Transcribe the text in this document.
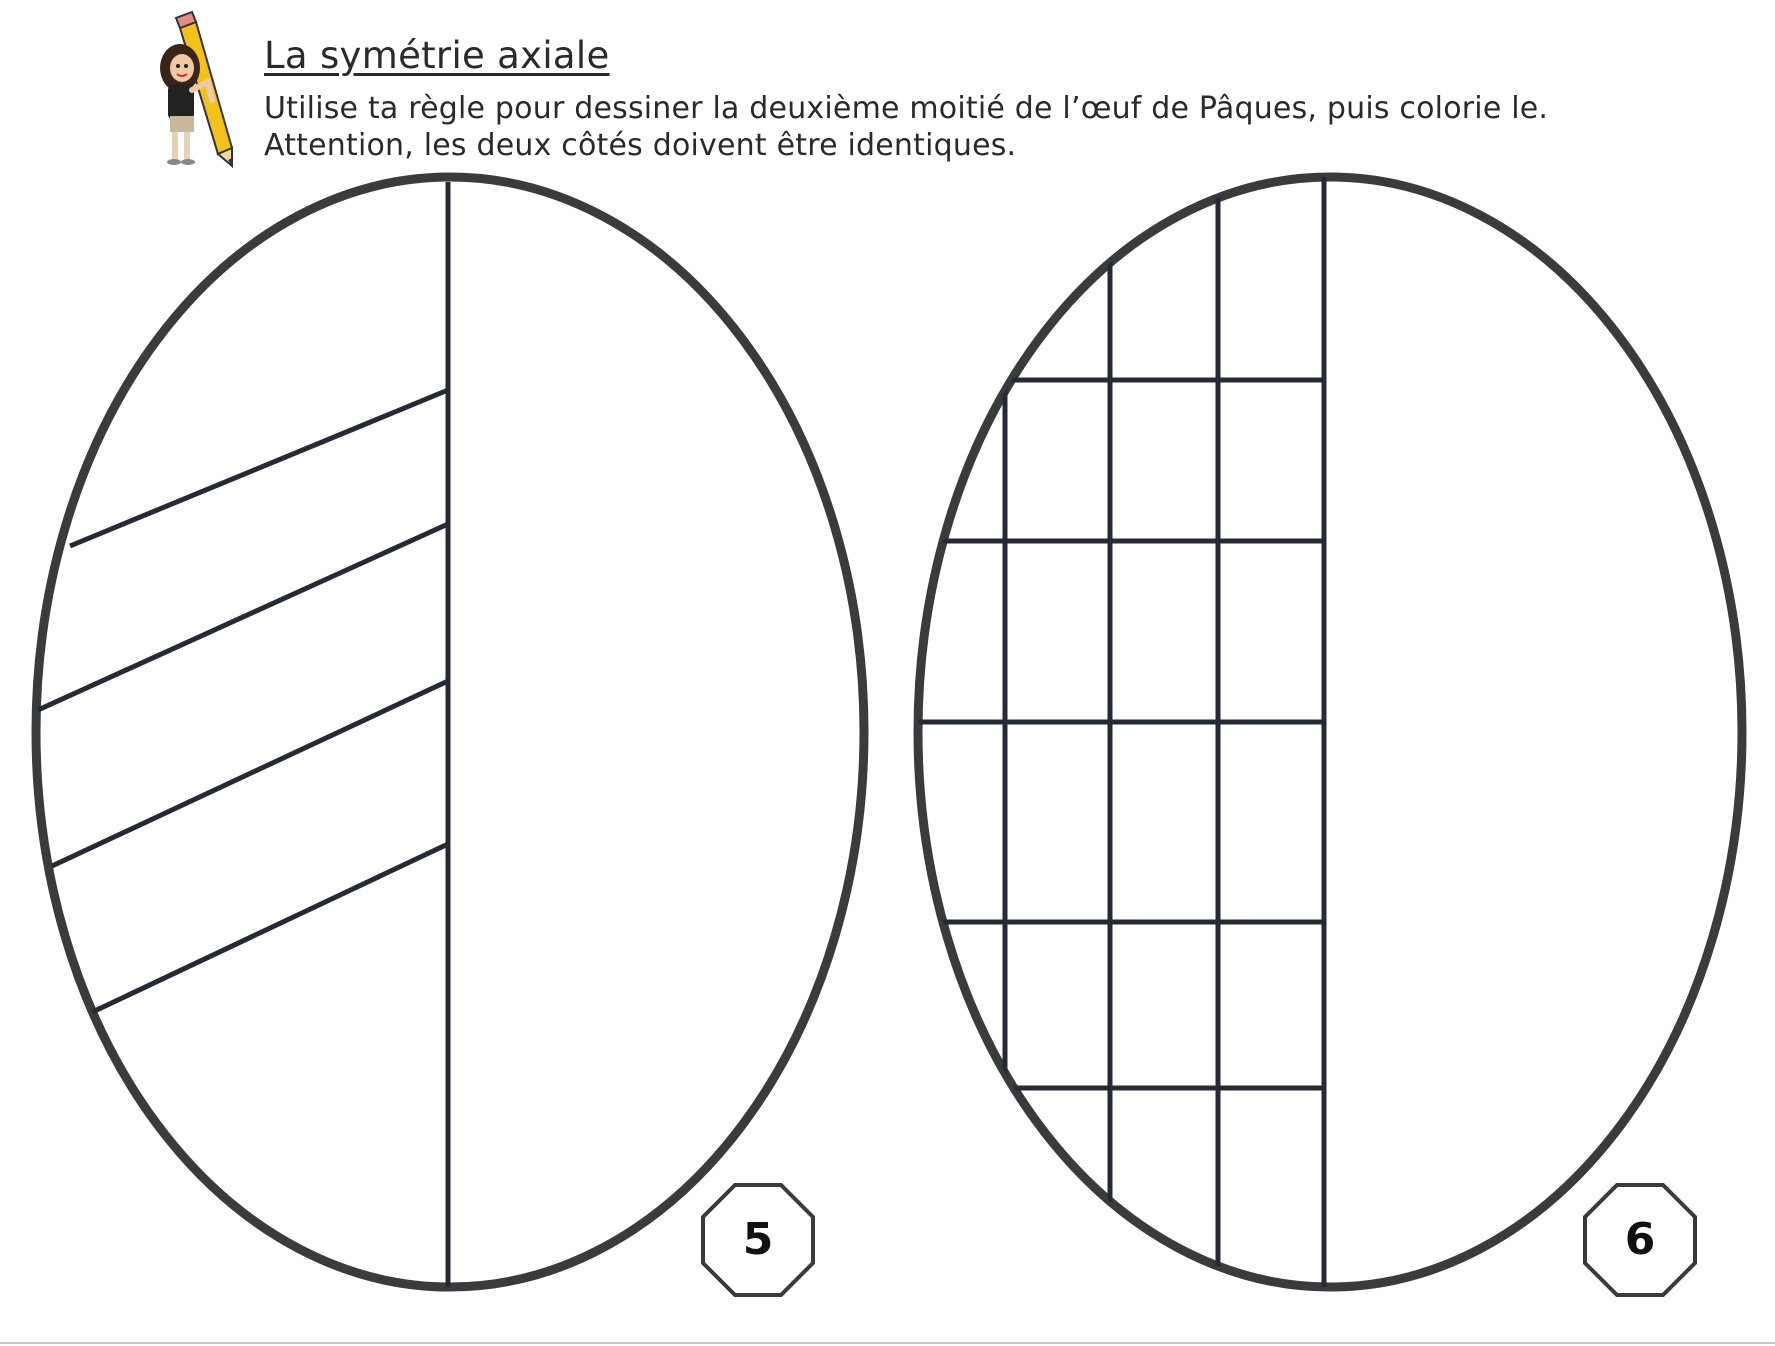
La symétrie axiale
Utilise ta règle pour dessiner la deuxième moitié de l’œuf de Pâques, puis colorie le.
Attention, les deux côtés doivent être identiques.
5	6
